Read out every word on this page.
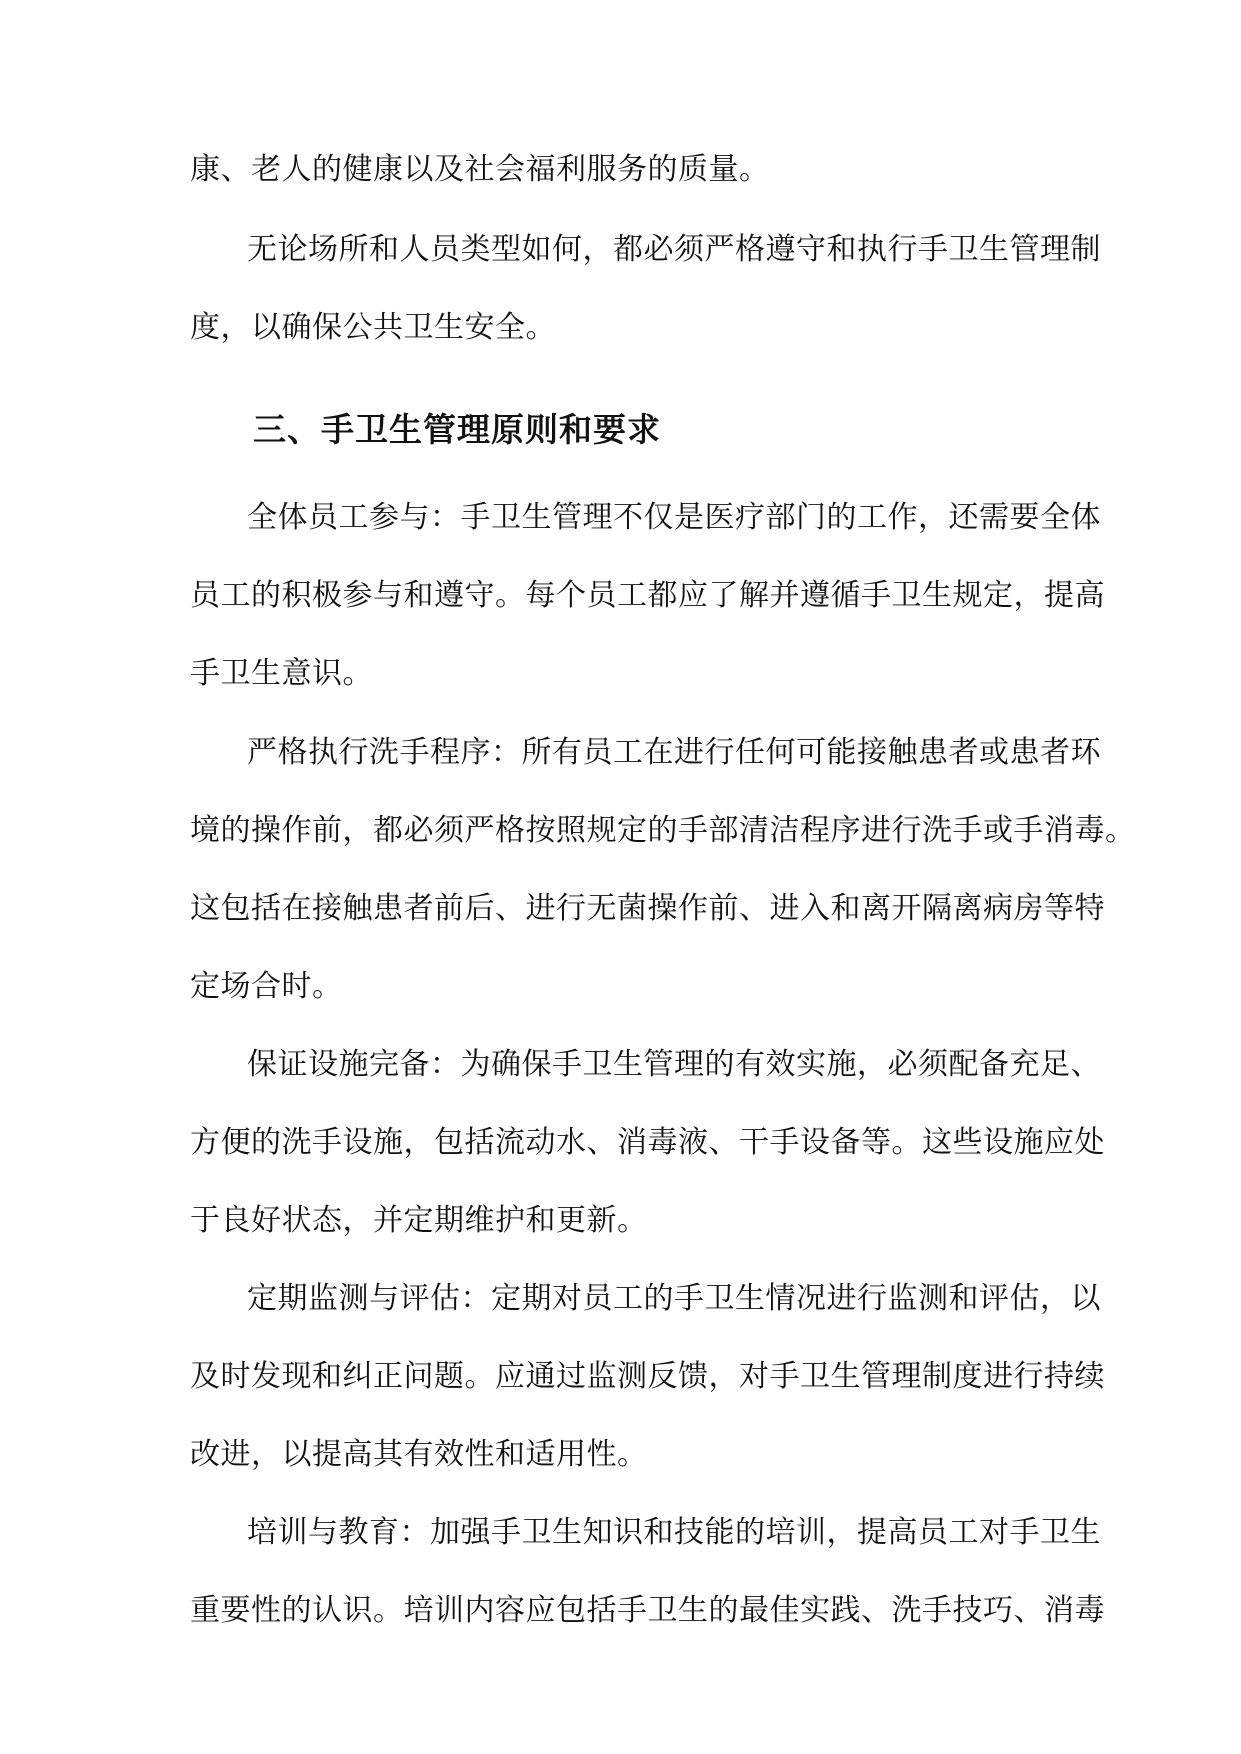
康、老人的健康以及社会福利服务的质量。
无论场所和人员类型如何，都必须严格遵守和执行手卫生管理制
度，以确保公共卫生安全。
三、手卫生管理原则和要求
全体员工参与：手卫生管理不仅是医疗部门的工作，还需要全体
员工的积极参与和遵守。每个员工都应了解并遵循手卫生规定，提高
手卫生意识。
严格执行洗手程序：所有员工在进行任何可能接触患者或患者环
境的操作前，都必须严格按照规定的手部清洁程序进行洗手或手消毒。
这包括在接触患者前后、进行无菌操作前、进入和离开隔离病房等特
定场合时。
保证设施完备：为确保手卫生管理的有效实施，必须配备充足、
方便的洗手设施，包括流动水、消毒液、干手设备等。这些设施应处
于良好状态，并定期维护和更新。
定期监测与评估：定期对员工的手卫生情况进行监测和评估，以
及时发现和纠正问题。应通过监测反馈，对手卫生管理制度进行持续
改进，以提高其有效性和适用性。
培训与教育：加强手卫生知识和技能的培训，提高员工对手卫生
重要性的认识。培训内容应包括手卫生的最佳实践、洗手技巧、消毒
